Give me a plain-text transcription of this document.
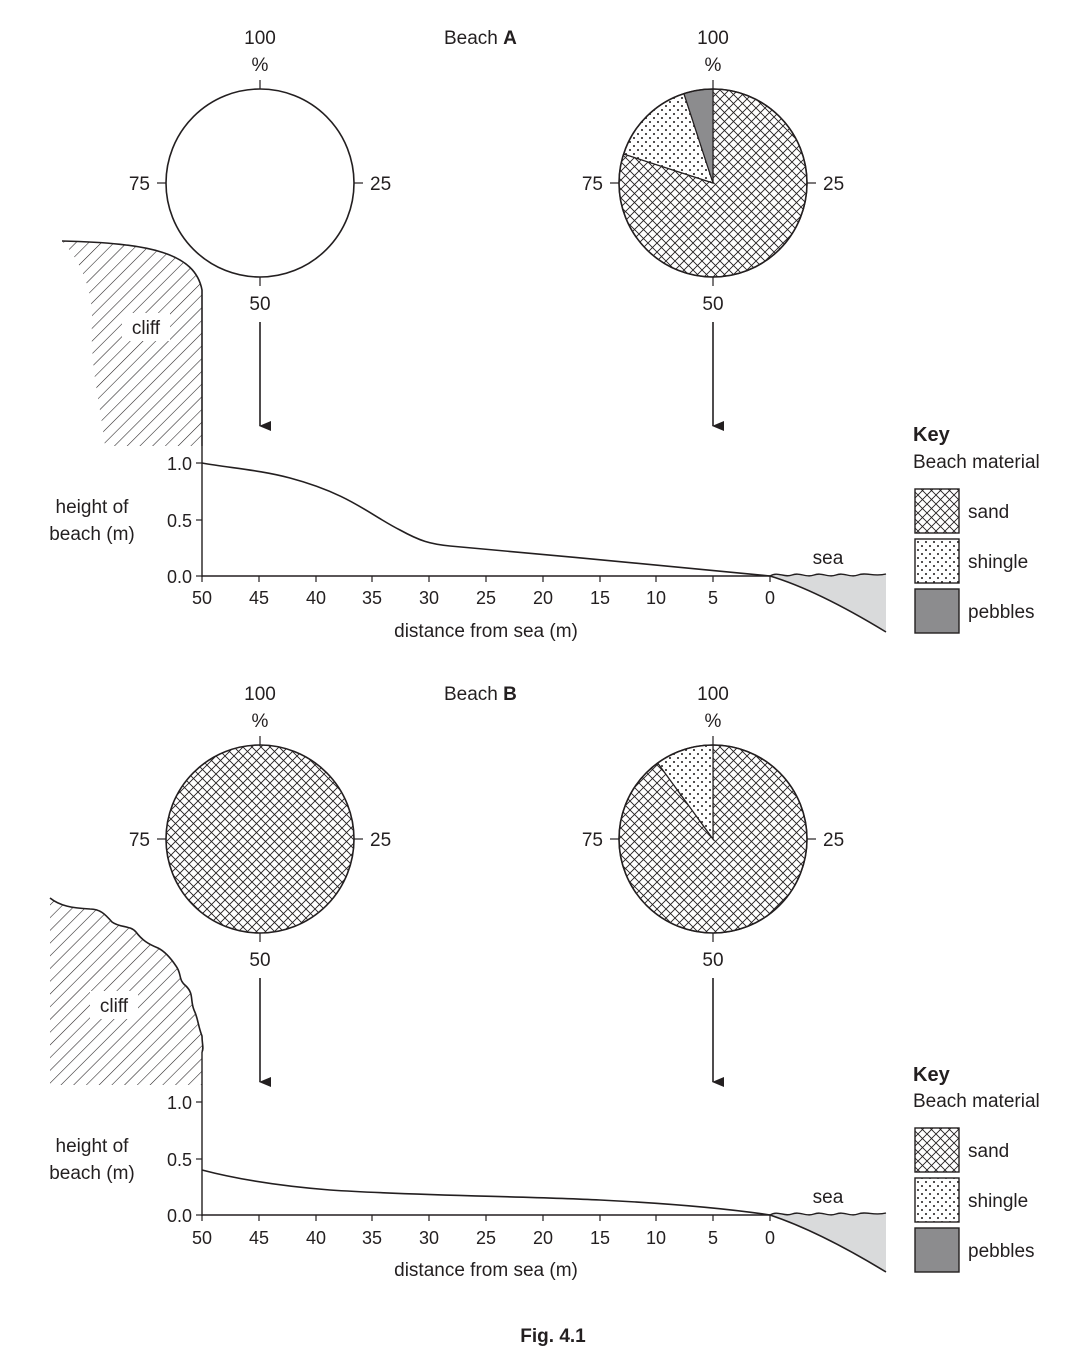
Beach A
100
%
25
50
75
100
%
25
50
75
cliff
1.0
0.5
0.0
50 45 40 35 30 25 20 15 10 5	0
height of
beach (m)
distance from sea (m)
sea
Key
Beach material
sand
shingle
pebbles
Beach B
100
%
25
50
75
100
%
25
50
75
cliff
1.0
0.5
0.0
50 45 40 35 30 25 20 15 10 5	0
height of
beach (m)
distance from sea (m)
sea
Key
Beach material
sand
shingle
pebbles
Fig. 4.1
